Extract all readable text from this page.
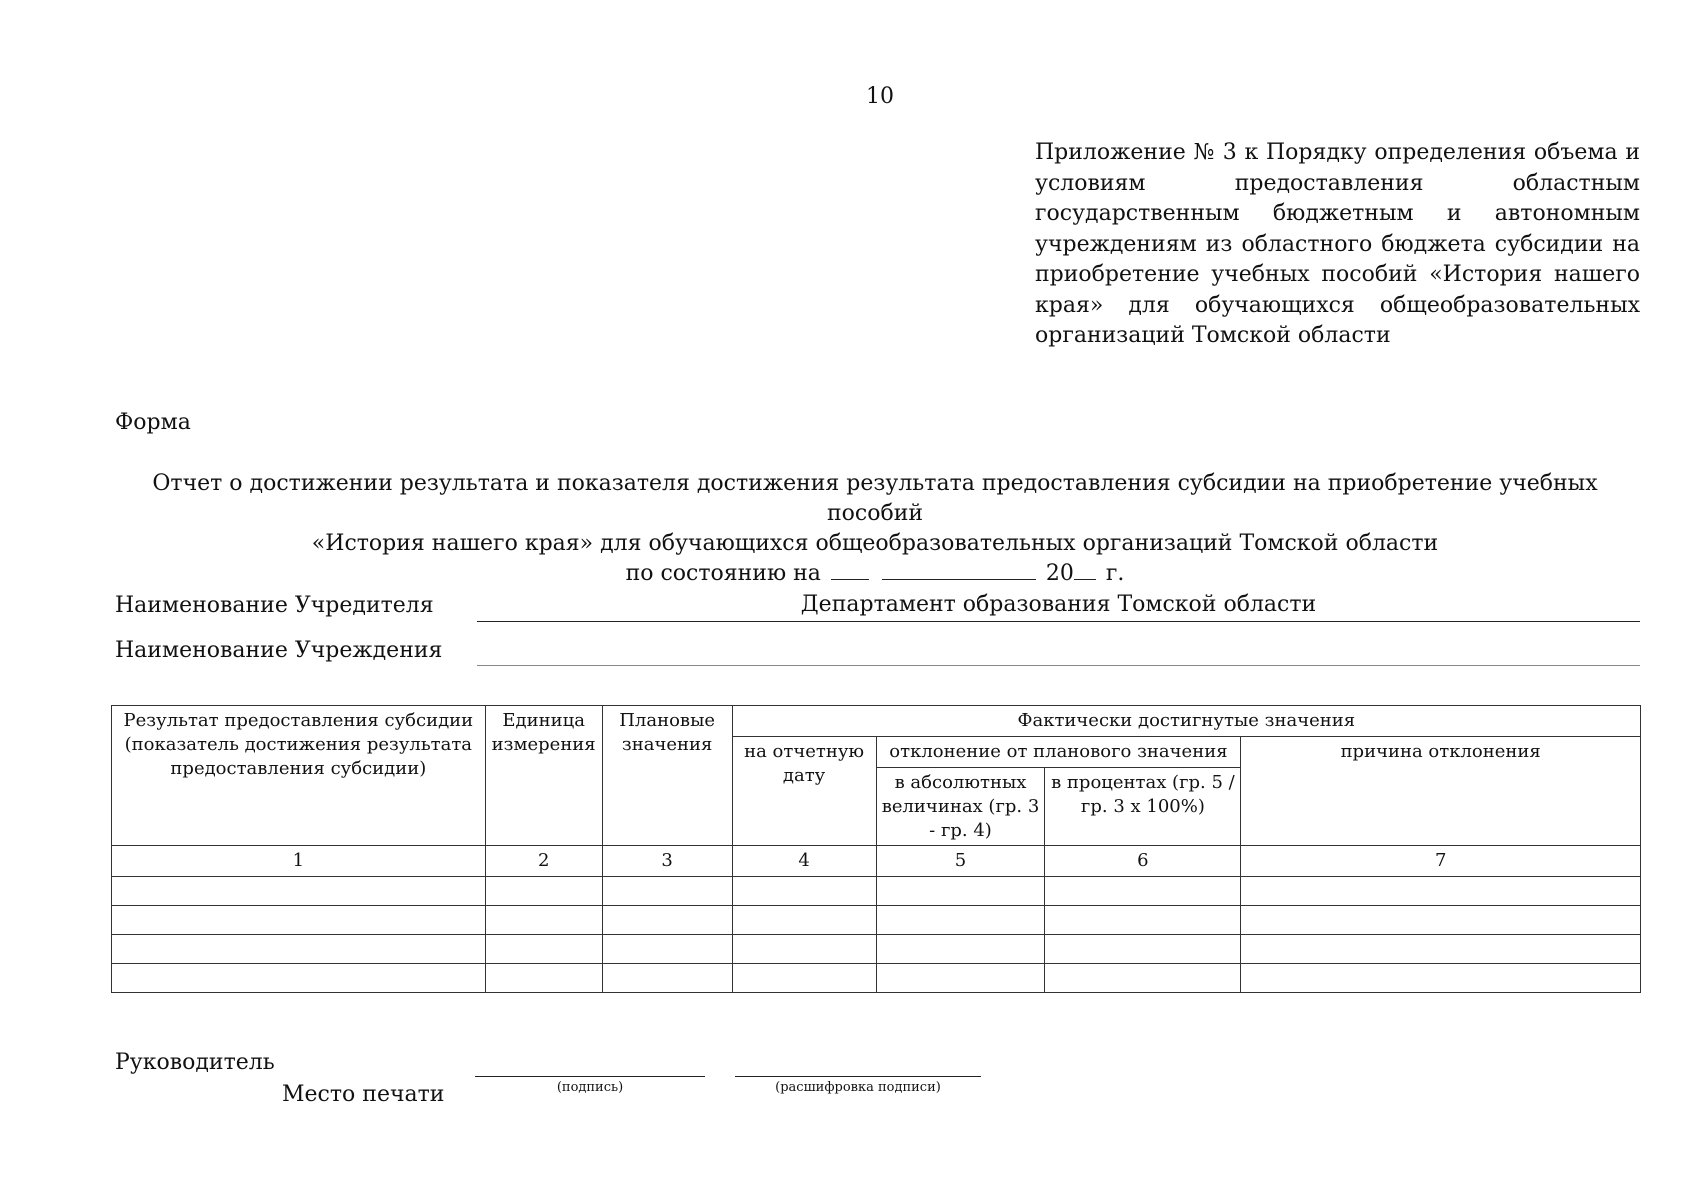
10
Приложение № 3 к Порядку определения объема и условиям предоставления областным государственным бюджетным и автономным учреждениям из областного бюджета субсидии на приобретение учебных пособий «История нашего края» для обучающихся общеобразовательных организаций Томской области
Форма
Отчет о достижении результата и показателя достижения результата предоставления субсидии на приобретение учебных пособий
«История нашего края» для обучающихся общеобразовательных организаций Томской области
по состоянию на	20 г.
Наименование Учредителя	Департамент образования Томской области
Наименование Учреждения
Результат предоставления субсидии (показатель достижения результата предоставления субсидии)	Единица измерения	Плановые значения	Фактически достигнутые значения			
			на отчетную дату	отклонение от планового значения		причина отклонения
				в абсолютных величинах (гр. 3 - гр. 4)	в процентах (гр. 5 / гр. 3 х 100%)	
1	2	3	4	5	6	7

Руководитель
Место печати	(подпись)	(расшифровка подписи)
